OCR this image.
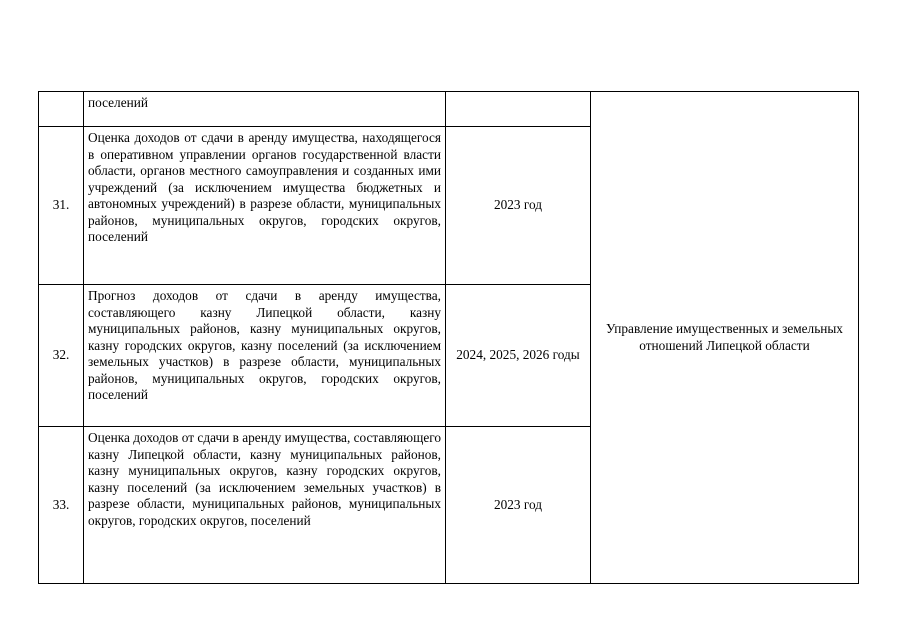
	поселений		Управление имущественных и земельных отношений Липецкой области
31.	Оценка доходов от сдачи в аренду имущества, находящегося в оперативном управлении органов государственной власти области, органов местного самоуправления и созданных ими учреждений (за исключением имущества бюджетных и автономных учреждений) в разрезе области, муниципальных районов, муниципальных округов, городских округов, поселений	2023 год	
32.	Прогноз доходов от сдачи в аренду имущества, составляющего казну Липецкой области, казну муниципальных районов, казну муниципальных округов, казну городских округов, казну поселений (за исключением земельных участков) в разрезе области, муниципальных районов, муниципальных округов, городских округов, поселений	2024, 2025, 2026 годы	
33.	Оценка доходов от сдачи в аренду имущества, составляющего казну Липецкой области, казну муниципальных районов, казну муниципальных округов, казну городских округов, казну поселений (за исключением земельных участков) в разрезе области, муниципальных районов, муниципальных округов, городских округов, поселений	2023 год	
